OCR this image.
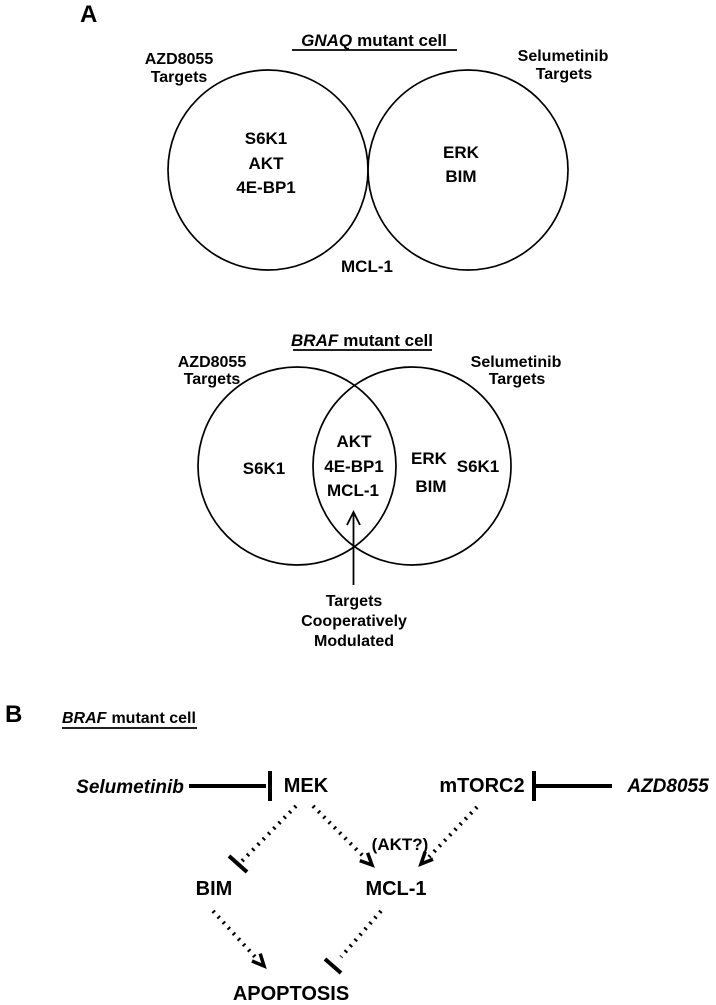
A
GNAQ mutant cell
AZD8055
Targets
Selumetinib
Targets
S6K1
AKT
4E-BP1
ERK
BIM
MCL-1
BRAF mutant cell
AZD8055
Targets
Selumetinib
Targets
S6K1
AKT
4E-BP1
MCL-1
ERK
BIM
S6K1
Targets
Cooperatively
Modulated
B BRAF mutant cell
Selumetinib	MEK	mTORC2	AZD8055
(AKT?)
BIM	MCL-1
APOPTOSIS
